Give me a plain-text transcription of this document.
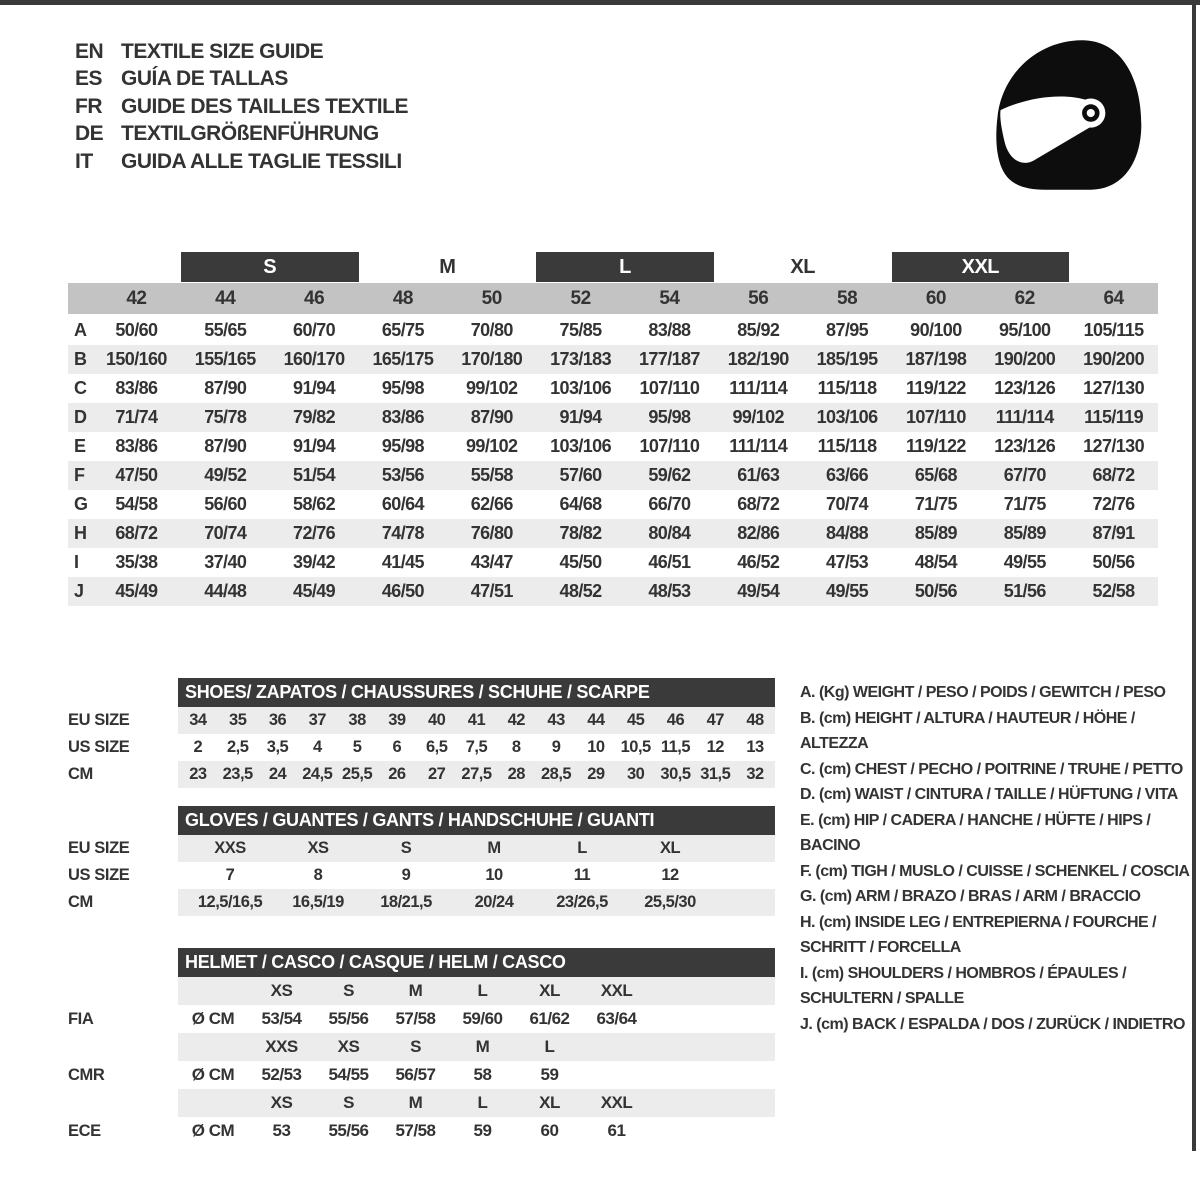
EN TEXTILE SIZE GUIDE
ES GUÍA DE TALLAS
FR GUIDE DES TAILLES TEXTILE
DE TEXTILGRÖßENFÜHRUNG
IT	GUIDA ALLE TAGLIE TESSILI
S	M	L	XL	XXL
42	44	46	48	50	52	54	56	58	60	62	64
A	50/60	55/65	60/70	65/75	70/80	75/85	83/88	85/92	87/95	90/100	95/100	105/115
B	150/160	155/165	160/170	165/175	170/180	173/183	177/187	182/190	185/195	187/198	190/200	190/200
C	83/86	87/90	91/94	95/98	99/102	103/106	107/110	111/114	115/118	119/122	123/126	127/130
D	71/74	75/78	79/82	83/86	87/90	91/94	95/98	99/102	103/106	107/110	111/114	115/119
E	83/86	87/90	91/94	95/98	99/102	103/106	107/110	111/114	115/118	119/122	123/126	127/130
F	47/50	49/52	51/54	53/56	55/58	57/60	59/62	61/63	63/66	65/68	67/70	68/72
G	54/58	56/60	58/62	60/64	62/66	64/68	66/70	68/72	70/74	71/75	71/75	72/76
H	68/72	70/74	72/76	74/78	76/80	78/82	80/84	82/86	84/88	85/89	85/89	87/91
I	35/38	37/40	39/42	41/45	43/47	45/50	46/51	46/52	47/53	48/54	49/55	50/56
J	45/49	44/48	45/49	46/50	47/51	48/52	48/53	49/54	49/55	50/56	51/56	52/58
SHOES/ ZAPATOS / CHAUSSURES / SCHUHE / SCARPE
EU SIZE	34	35	36	37	38	39	40	41	42	43	44	45	46	47	48
US SIZE	2	2,5	3,5	4	5	6	6,5	7,5	8	9	10 10,5 11,5	12	13
CM	23 23,5 24 24,5 25,5 26	27 27,5 28 28,5 29	30 30,5 31,5 32
GLOVES / GUANTES / GANTS / HANDSCHUHE / GUANTI
EU SIZE	XXS	XS	S	M	L	XL
US SIZE	7	8	9	10	11	12
CM	12,5/16,5	16,5/19	18/21,5	20/24	23/26,5	25,5/30
HELMET / CASCO / CASQUE / HELM / CASCO
XS	S	M	L	XL	XXL
FIA	Ø CM	53/54	55/56	57/58	59/60	61/62	63/64
XXS	XS	S	M	L
CMR	Ø CM	52/53	54/55	56/57	58	59
XS	S	M	L	XL	XXL
ECE	Ø CM	53	55/56	57/58	59	60	61
A. (Kg) WEIGHT / PESO / POIDS / GEWITCH / PESO
B. (cm) HEIGHT / ALTURA / HAUTEUR / HÖHE / ALTEZZA
C. (cm) CHEST / PECHO / POITRINE / TRUHE / PETTO
D. (cm) WAIST / CINTURA / TAILLE / HÜFTUNG / VITA
E. (cm) HIP / CADERA / HANCHE / HÜFTE / HIPS / BACINO
F. (cm) TIGH / MUSLO / CUISSE / SCHENKEL / COSCIA
G. (cm) ARM / BRAZO / BRAS / ARM / BRACCIO
H. (cm) INSIDE LEG / ENTREPIERNA / FOURCHE / SCHRITT / FORCELLA
I. (cm) SHOULDERS / HOMBROS / ÉPAULES / SCHULTERN / SPALLE
J. (cm) BACK / ESPALDA / DOS / ZURÜCK / INDIETRO
